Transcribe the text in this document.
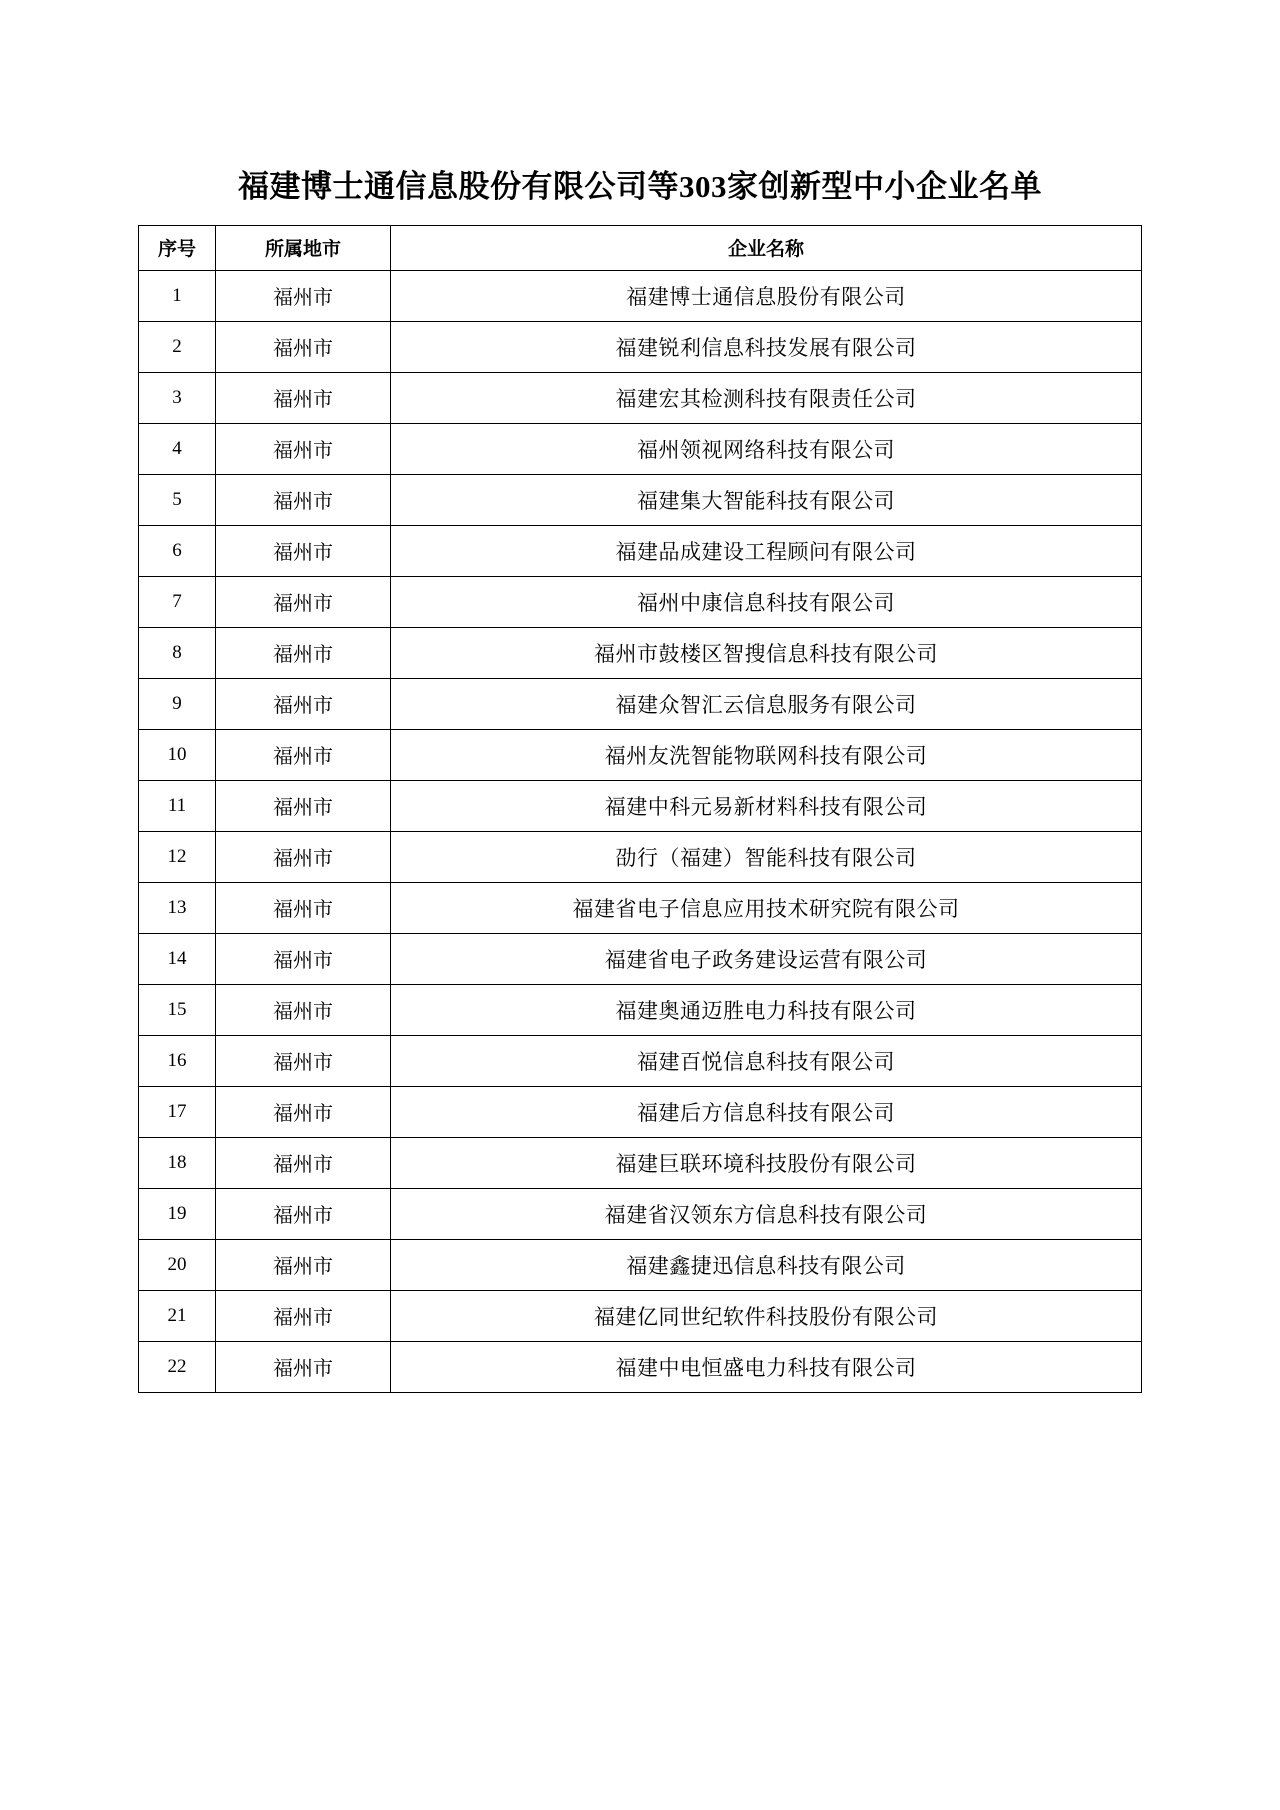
福建博士通信息股份有限公司等303家创新型中小企业名单
序号	所属地市	企业名称
1	福州市	福建博士通信息股份有限公司
2	福州市	福建锐利信息科技发展有限公司
3	福州市	福建宏其检测科技有限责任公司
4	福州市	福州领视网络科技有限公司
5	福州市	福建集大智能科技有限公司
6	福州市	福建品成建设工程顾问有限公司
7	福州市	福州中康信息科技有限公司
8	福州市	福州市鼓楼区智搜信息科技有限公司
9	福州市	福建众智汇云信息服务有限公司
10	福州市	福州友洗智能物联网科技有限公司
11	福州市	福建中科元易新材料科技有限公司
12	福州市	劭行（福建）智能科技有限公司
13	福州市	福建省电子信息应用技术研究院有限公司
14	福州市	福建省电子政务建设运营有限公司
15	福州市	福建奥通迈胜电力科技有限公司
16	福州市	福建百悦信息科技有限公司
17	福州市	福建后方信息科技有限公司
18	福州市	福建巨联环境科技股份有限公司
19	福州市	福建省汉领东方信息科技有限公司
20	福州市	福建鑫捷迅信息科技有限公司
21	福州市	福建亿同世纪软件科技股份有限公司
22	福州市	福建中电恒盛电力科技有限公司
